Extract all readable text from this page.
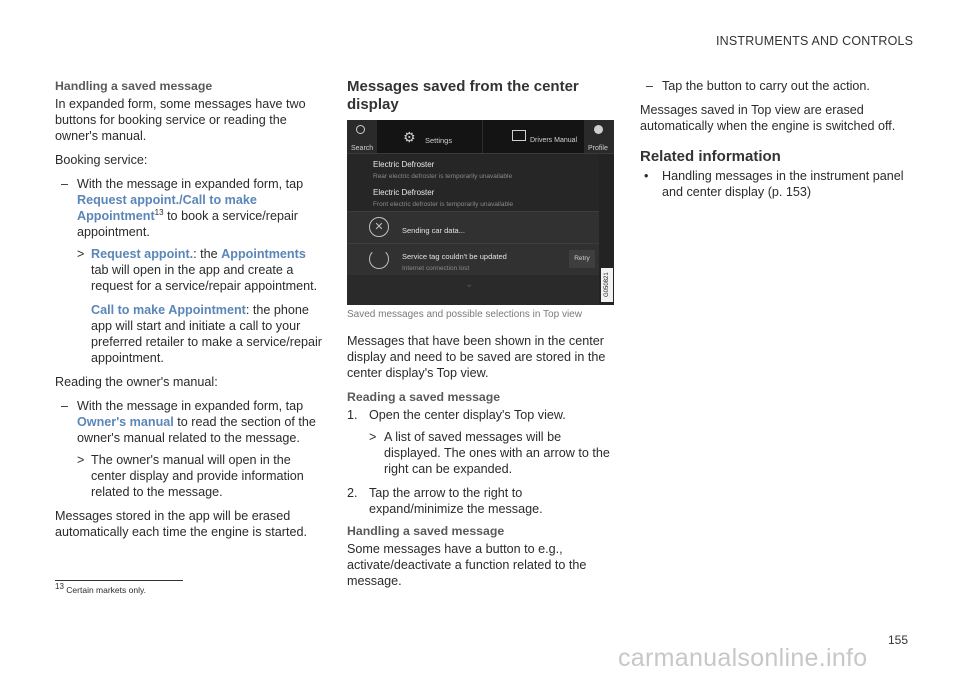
INSTRUMENTS AND CONTROLS
Handling a saved message

In expanded form, some messages have two buttons for booking service or reading the owner's manual.

Booking service:

– With the message in expanded form, tap Request appoint./Call to make Appointment$^{13}$ to book a service/repair appointment.
> Request appoint.: the Appointments tab will open in the app and create a request for a service/repair appointment.
Call to make Appointment: the phone app will start and initiate a call to your preferred retailer to make a service/repair appointment.

Reading the owner's manual:

– With the message in expanded form, tap Owner's manual to read the section of the owner's manual related to the message.
> The owner's manual will open in the center display and provide information related to the message.

Messages stored in the app will be erased automatically each time the engine is started.

Messages saved from the center display
Search
⚙ Settings	Drivers Manual
Profile
Electric Defroster
Rear electric defroster is temporarily unavailable
Electric Defroster
Front electric defroster is temporarily unavailable
✕	Sending car data...
Service tag couldn't be updated
Internet connection lost
Retry
⌄	G050821

Saved messages and possible selections in Top view

Messages that have been shown in the center display and need to be saved are stored in the center display's Top view.

Reading a saved message
1. Open the center display's Top view.
> A list of saved messages will be displayed. The ones with an arrow to the right can be expanded.
2. Tap the arrow to the right to expand/minimize the message.
Handling a saved message

Some messages have a button to e.g., activate/deactivate a function related to the message.

– Tap the button to carry out the action.

Messages saved in Top view are erased automatically when the engine is switched off.

Related information
• Handling messages in the instrument panel and center display (p. 153)
$^{13}$ Certain markets only.
155
carmanualsonline.info
